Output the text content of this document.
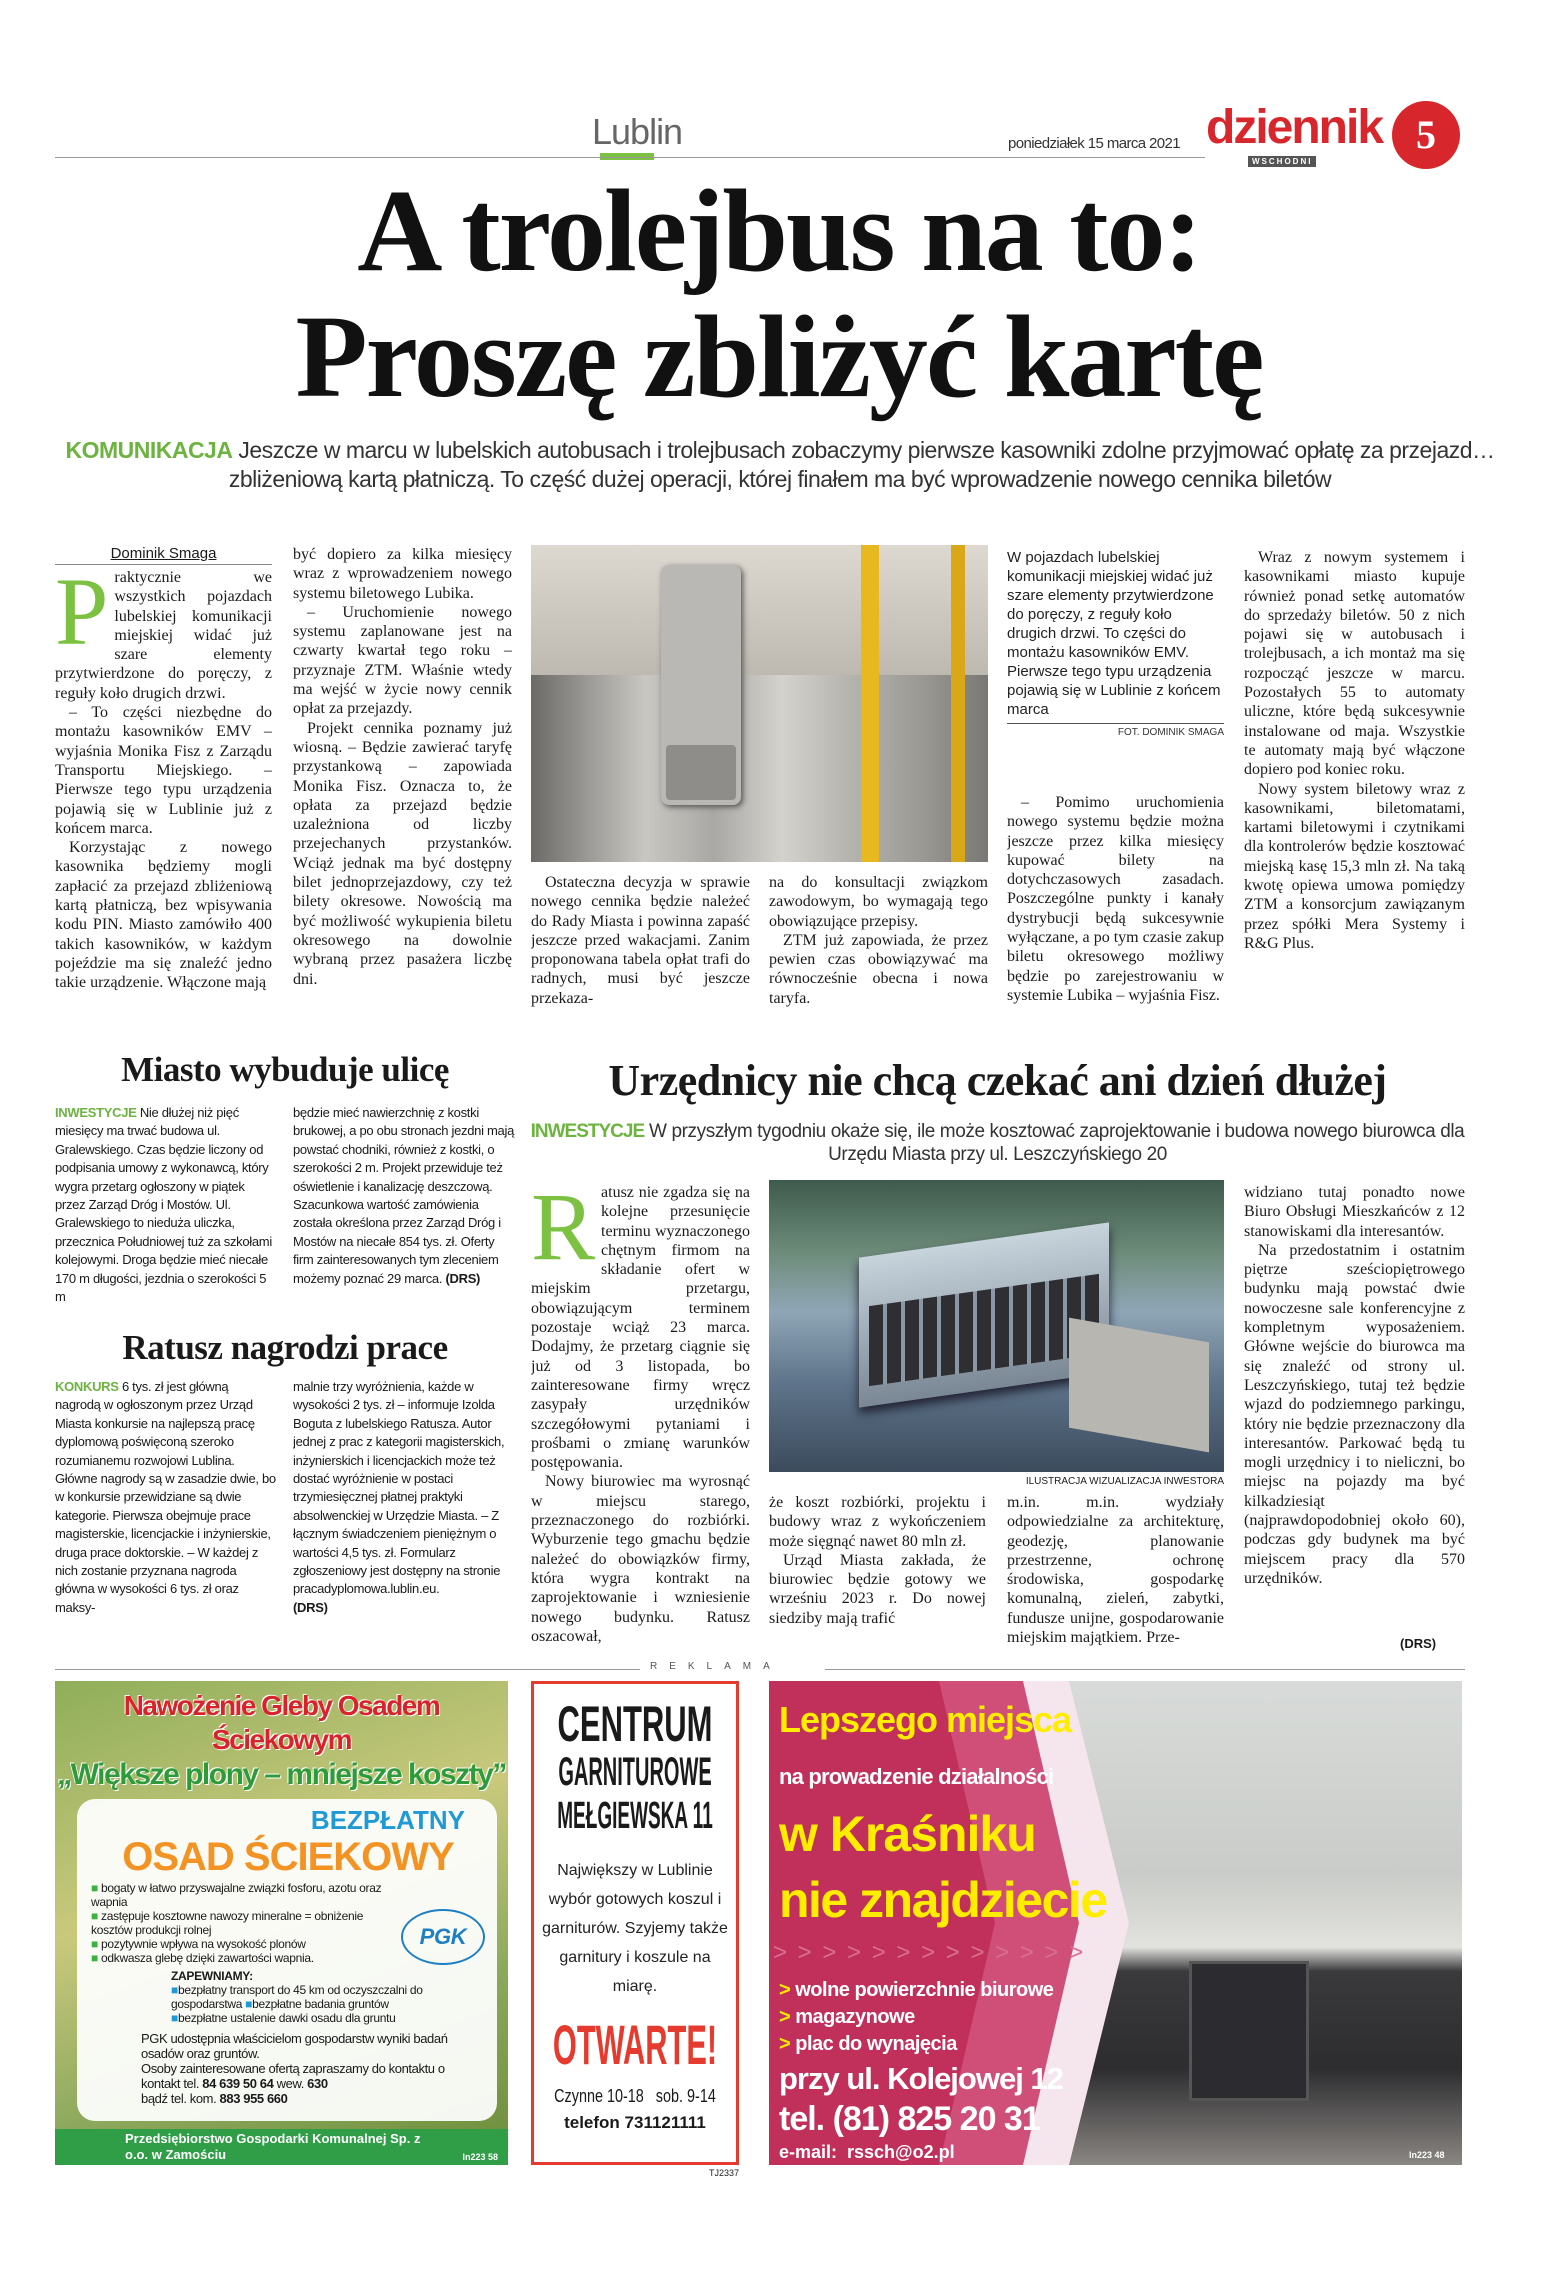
Lublin	poniedziałek 15 marca 2021 dziennik
WSCHODNI
5
A trolejbus na to:
Proszę zbliżyć kartę
KOMUNIKACJA Jeszcze w marcu w lubelskich autobusach i trolejbusach zobaczymy pierwsze kasowniki zdolne przyjmować opłatę za przejazd… zbliżeniową kartą płatniczą. To część dużej operacji, której finałem ma być wprowadzenie nowego cennika biletów
Dominik Smaga
P raktycznie we wszystkich pojazdach lubelskiej komunikacji miejskiej widać już szare elementy przytwierdzone do poręczy, z reguły koło drugich drzwi.

– To części niezbędne do montażu kasowników EMV – wyjaśnia Monika Fisz z Zarządu Transportu Miejskiego. – Pierwsze tego typu urządzenia pojawią się w Lublinie już z końcem marca.

Korzystając z nowego kasownika będziemy mogli zapłacić za przejazd zbliżeniową kartą płatniczą, bez wpisywania kodu PIN. Miasto zamówiło 400 takich kasowników, w każdym pojeździe ma się znaleźć jedno takie urządzenie. Włączone mają

być dopiero za kilka miesięcy wraz z wprowadzeniem nowego systemu biletowego Lubika.

– Uruchomienie nowego systemu zaplanowane jest na czwarty kwartał tego roku – przyznaje ZTM. Właśnie wtedy ma wejść w życie nowy cennik opłat za przejazdy.

Projekt cennika poznamy już wiosną. – Będzie zawierać taryfę przystankową – zapowiada Monika Fisz. Oznacza to, że opłata za przejazd będzie uzależniona od liczby przejechanych przystanków. Wciąż jednak ma być dostępny bilet jednoprzejazdowy, czy też bilety okresowe. Nowością ma być możliwość wykupienia biletu okresowego na dowolnie wybraną przez pasażera liczbę dni.

Ostateczna decyzja w sprawie nowego cennika będzie należeć do Rady Miasta i powinna zapaść jeszcze przed wakacjami. Zanim proponowana tabela opłat trafi do radnych, musi być jeszcze przekaza-

na do konsultacji związkom zawodowym, bo wymagają tego obowiązujące przepisy.

ZTM już zapowiada, że przez pewien czas obowiązywać ma równocześnie obecna i nowa taryfa.

W pojazdach lubelskiej komunikacji miejskiej widać już szare elementy przytwierdzone do poręczy, z reguły koło drugich drzwi. To części do montażu kasowników EMV. Pierwsze tego typu urządzenia pojawią się w Lublinie z końcem marca
FOT. DOMINIK SMAGA

– Pomimo uruchomienia nowego systemu będzie można jeszcze przez kilka miesięcy kupować bilety na dotychczasowych zasadach. Poszczególne punkty i kanały dystrybucji będą sukcesywnie wyłączane, a po tym czasie zakup biletu okresowego możliwy będzie po zarejestrowaniu w systemie Lubika – wyjaśnia Fisz.

Wraz z nowym systemem i kasownikami miasto kupuje również ponad setkę automatów do sprzedaży biletów. 50 z nich pojawi się w autobusach i trolejbusach, a ich montaż ma się rozpocząć jeszcze w marcu. Pozostałych 55 to automaty uliczne, które będą sukcesywnie instalowane od maja. Wszystkie te automaty mają być włączone dopiero pod koniec roku.

Nowy system biletowy wraz z kasownikami, biletomatami, kartami biletowymi i czytnikami dla kontrolerów będzie kosztować miejską kasę 15,3 mln zł. Na taką kwotę opiewa umowa pomiędzy ZTM a konsorcjum zawiązanym przez spółki Mera Systemy i R&G Plus.

Miasto wybuduje ulicę
INWESTYCJE Nie dłużej niż pięć miesięcy ma trwać budowa ul. Gralewskiego. Czas będzie liczony od podpisania umowy z wykonawcą, który wygra przetarg ogłoszony w piątek przez Zarząd Dróg i Mostów. Ul. Gralewskiego to nieduża uliczka, przecznica Południowej tuż za szkołami kolejowymi. Droga będzie mieć niecałe 170 m długości, jezdnia o szerokości 5 m
będzie mieć nawierzchnię z kostki brukowej, a po obu stronach jezdni mają powstać chodniki, również z kostki, o szerokości 2 m. Projekt przewiduje też oświetlenie i kanalizację deszczową. Szacunkowa wartość zamówienia została określona przez Zarząd Dróg i Mostów na niecałe 854 tys. zł. Oferty firm zainteresowanych tym zleceniem możemy poznać 29 marca. (DRS)
Ratusz nagrodzi prace
KONKURS 6 tys. zł jest główną nagrodą w ogłoszonym przez Urząd Miasta konkursie na najlepszą pracę dyplomową poświęconą szeroko rozumianemu rozwojowi Lublina. Główne nagrody są w zasadzie dwie, bo w konkursie przewidziane są dwie kategorie. Pierwsza obejmuje prace magisterskie, licencjackie i inżynierskie, druga prace doktorskie. – W każdej z nich zostanie przyznana nagroda główna w wysokości 6 tys. zł oraz maksy-
malnie trzy wyróżnienia, każde w wysokości 2 tys. zł – informuje Izolda Boguta z lubelskiego Ratusza. Autor jednej z prac z kategorii magisterskich, inżynierskich i licencjackich może też dostać wyróżnienie w postaci trzymiesięcznej płatnej praktyki absolwenckiej w Urzędzie Miasta. – Z łącznym świadczeniem pieniężnym o wartości 4,5 tys. zł. Formularz zgłoszeniowy jest dostępny na stronie pracadyplomowa.lublin.eu.
(DRS)
Urzędnicy nie chcą czekać ani dzień dłużej
INWESTYCJE W przyszłym tygodniu okaże się, ile może kosztować zaprojektowanie i budowa nowego biurowca dla Urzędu Miasta przy ul. Leszczyńskiego 20
R atusz nie zgadza się na kolejne przesunięcie terminu wyznaczonego chętnym firmom na składanie ofert w miejskim przetargu, obowiązującym terminem pozostaje wciąż 23 marca. Dodajmy, że przetarg ciągnie się już od 3 listopada, bo zainteresowane firmy wręcz zasypały urzędników szczegółowymi pytaniami i prośbami o zmianę warunków postępowania.

Nowy biurowiec ma wyrosnąć w miejscu starego, przeznaczonego do rozbiórki. Wyburzenie tego gmachu będzie należeć do obowiązków firmy, która wygra kontrakt na zaprojektowanie i wzniesienie nowego budynku. Ratusz oszacował,

ILUSTRACJA WIZUALIZACJA INWESTORA

że koszt rozbiórki, projektu i budowy wraz z wykończeniem może sięgnąć nawet 80 mln zł.

Urząd Miasta zakłada, że biurowiec będzie gotowy we wrześniu 2023 r. Do nowej siedziby mają trafić

m.in. m.in. wydziały odpowiedzialne za architekturę, geodezję, planowanie przestrzenne, ochronę środowiska, gospodarkę komunalną, zieleń, zabytki, fundusze unijne, gospodarowanie miejskim majątkiem. Prze-

widziano tutaj ponadto nowe Biuro Obsługi Mieszkańców z 12 stanowiskami dla interesantów.

Na przedostatnim i ostatnim piętrze sześciopiętrowego budynku mają powstać dwie nowoczesne sale konferencyjne z kompletnym wyposażeniem. Główne wejście do biurowca ma się znaleźć od strony ul. Leszczyńskiego, tutaj też będzie wjazd do podziemnego parkingu, który nie będzie przeznaczony dla interesantów. Parkować będą tu mogli urzędnicy i to nieliczni, bo miejsc na pojazdy ma być kilkadziesiąt (najprawdopodobniej około 60), podczas gdy budynek ma być miejscem pracy dla 570 urzędników.

(DRS)
REKLAMA
Nawożenie Gleby Osadem Ściekowym
„Większe plony – mniejsze koszty”
BEZPŁATNY
OSAD ŚCIEKOWY
PGK
■ bogaty w łatwo przyswajalne związki fosforu, azotu oraz wapnia
■ zastępuje kosztowne nawozy mineralne = obniżenie kosztów produkcji rolnej
■ pozytywnie wpływa na wysokość plonów
■ odkwasza glebę dzięki zawartości wapnia.
ZAPEWNIAMY:
■bezpłatny transport do 45 km od oczyszczalni do gospodarstwa ■bezpłatne badania gruntów
■bezpłatne ustalenie dawki osadu dla gruntu
PGK udostępnia właścicielom gospodarstw wyniki badań osadów oraz gruntów.
Osoby zainteresowane ofertą zapraszamy do kontaktu o kontakt tel. 84 639 50 64 wew. 630
bądź tel. kom. 883 955 660
Przedsiębiorstwo Gospodarki Komunalnej Sp. z o.o. w Zamościu	ln223 58
CENTRUM
GARNITUROWE
MEŁGIEWSKA 11
Największy w Lublinie wybór gotowych koszul i garniturów. Szyjemy także garnitury i koszule na miarę.
OTWARTE!
Czynne 10-18   sob. 9-14
telefon 731121111
TJ2337
Lepszego miejsca
na prowadzenie działalności
w Kraśniku
nie znajdziecie
> > > > > > > > > > > > >
> wolne powierzchnie biurowe
> magazynowe
> plac do wynajęcia
przy ul. Kolejowej 12
tel. (81) 825 20 31
e-mail:  rssch@o2.pl	ln223 48
